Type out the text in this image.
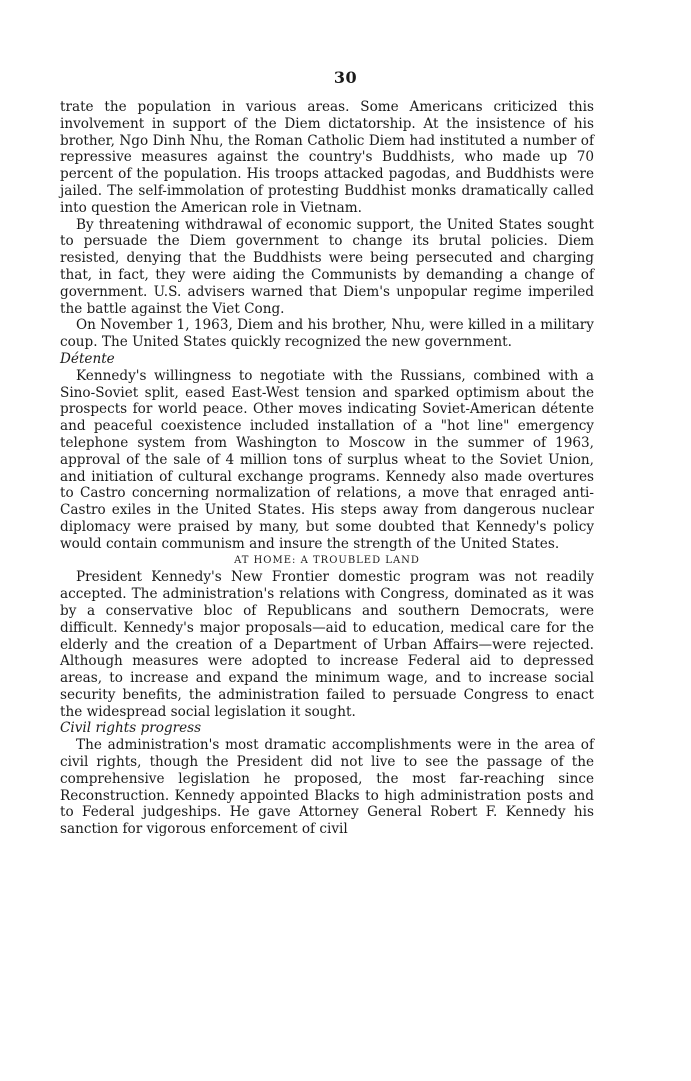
30

trate the population in various areas. Some Americans criticized this involvement in support of the Diem dictatorship. At the insistence of his brother, Ngo Dinh Nhu, the Roman Catholic Diem had instituted a number of repressive measures against the country's Buddhists, who made up 70 percent of the population. His troops attacked pagodas, and Buddhists were jailed. The self-immolation of protesting Buddhist monks dramatically called into question the American role in Vietnam.

By threatening withdrawal of economic support, the United States sought to persuade the Diem government to change its brutal policies. Diem resisted, denying that the Buddhists were being persecuted and charging that, in fact, they were aiding the Communists by demanding a change of government. U.S. advisers warned that Diem's unpopular regime imperiled the battle against the Viet Cong.

On November 1, 1963, Diem and his brother, Nhu, were killed in a military coup. The United States quickly recognized the new government.

Détente

Kennedy's willingness to negotiate with the Russians, combined with a Sino-Soviet split, eased East-West tension and sparked optimism about the prospects for world peace. Other moves indicating Soviet-American détente and peaceful coexistence included installation of a "hot line" emergency telephone system from Washington to Moscow in the summer of 1963, approval of the sale of 4 million tons of surplus wheat to the Soviet Union, and initiation of cultural exchange programs. Kennedy also made overtures to Castro concerning normalization of relations, a move that enraged anti-Castro exiles in the United States. His steps away from dangerous nuclear diplomacy were praised by many, but some doubted that Kennedy's policy would contain communism and insure the strength of the United States.

AT HOME: A TROUBLED LAND

President Kennedy's New Frontier domestic program was not readily accepted. The administration's relations with Congress, dominated as it was by a conservative bloc of Republicans and southern Democrats, were difficult. Kennedy's major proposals—aid to education, medical care for the elderly and the creation of a Department of Urban Affairs—were rejected. Although measures were adopted to increase Federal aid to depressed areas, to increase and expand the minimum wage, and to increase social security benefits, the administration failed to persuade Congress to enact the widespread social legislation it sought.

Civil rights progress

The administration's most dramatic accomplishments were in the area of civil rights, though the President did not live to see the passage of the comprehensive legislation he proposed, the most far-reaching since Reconstruction. Kennedy appointed Blacks to high administration posts and to Federal judgeships. He gave Attorney General Robert F. Kennedy his sanction for vigorous enforcement of civil
